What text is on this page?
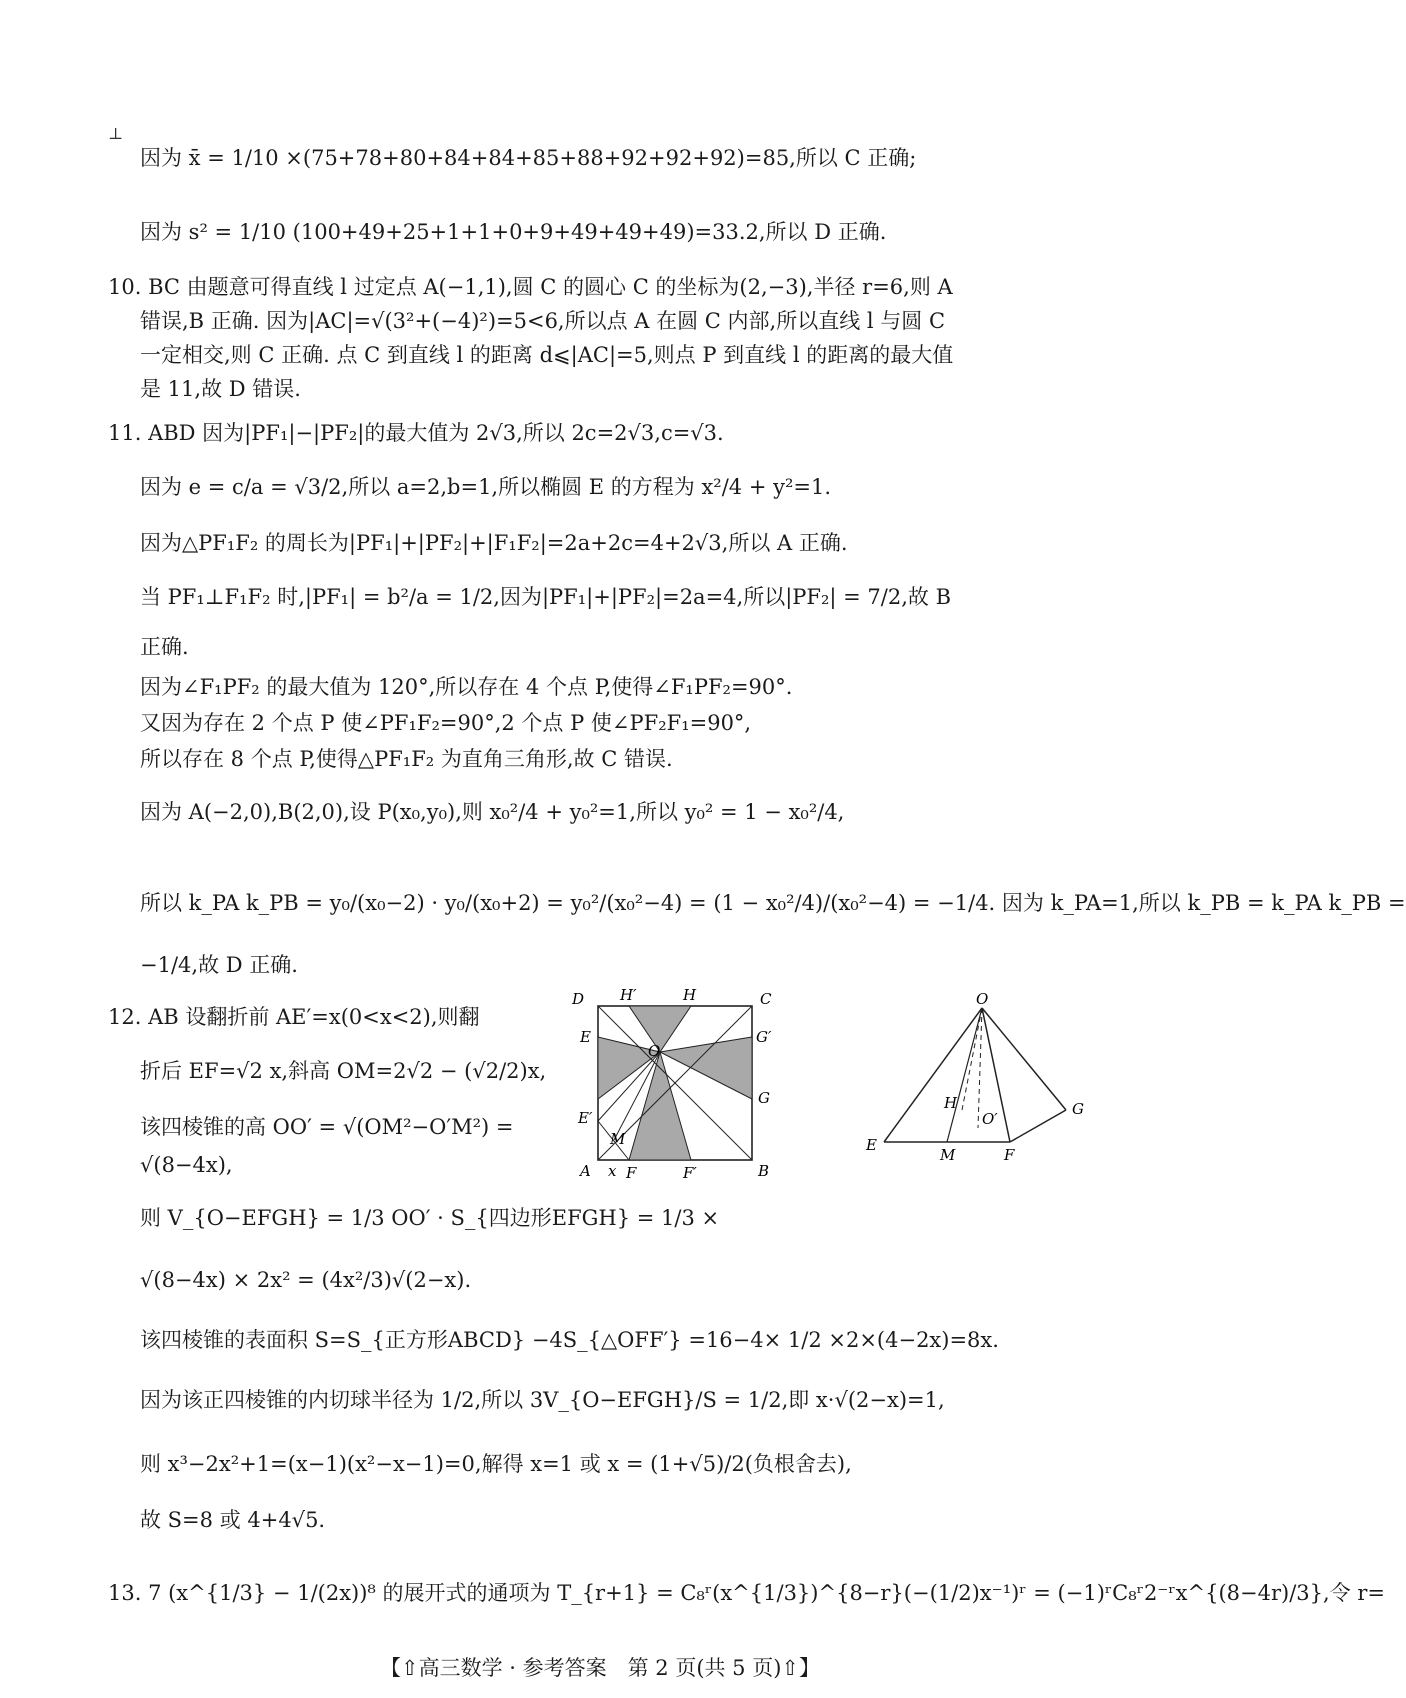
⊥
因为 x̄ = 1/10 ×(75+78+80+84+84+85+88+92+92+92)=85,所以 C 正确;
因为 s² = 1/10 (100+49+25+1+1+0+9+49+49+49)=33.2,所以 D 正确.
10. BC 由题意可得直线 l 过定点 A(−1,1),圆 C 的圆心 C 的坐标为(2,−3),半径 r=6,则 A
错误,B 正确. 因为|AC|=√(3²+(−4)²)=5<6,所以点 A 在圆 C 内部,所以直线 l 与圆 C
一定相交,则 C 正确. 点 C 到直线 l 的距离 d⩽|AC|=5,则点 P 到直线 l 的距离的最大值
是 11,故 D 错误.
11. ABD 因为|PF₁|−|PF₂|的最大值为 2√3,所以 2c=2√3,c=√3.
因为 e = c/a = √3/2,所以 a=2,b=1,所以椭圆 E 的方程为 x²/4 + y²=1.
因为△PF₁F₂ 的周长为|PF₁|+|PF₂|+|F₁F₂|=2a+2c=4+2√3,所以 A 正确.
当 PF₁⊥F₁F₂ 时,|PF₁| = b²/a = 1/2,因为|PF₁|+|PF₂|=2a=4,所以|PF₂| = 7/2,故 B
正确.
因为∠F₁PF₂ 的最大值为 120°,所以存在 4 个点 P,使得∠F₁PF₂=90°.
又因为存在 2 个点 P 使∠PF₁F₂=90°,2 个点 P 使∠PF₂F₁=90°,
所以存在 8 个点 P,使得△PF₁F₂ 为直角三角形,故 C 错误.
因为 A(−2,0),B(2,0),设 P(x₀,y₀),则 x₀²/4 + y₀²=1,所以 y₀² = 1 − x₀²/4,
所以 k_PA k_PB = y₀/(x₀−2) · y₀/(x₀+2) = y₀²/(x₀²−4) = (1 − x₀²/4)/(x₀²−4) = −1/4. 因为 k_PA=1,所以 k_PB = k_PA k_PB =
−1/4,故 D 正确.
12. AB 设翻折前 AE′=x(0<x<2),则翻
折后 EF=√2 x,斜高 OM=2√2 − (√2/2)x,
该四棱锥的高 OO′ = √(OM²−O′M²) =
√(8−4x),
则 V_{O−EFGH} = 1/3 OO′ · S_{四边形EFGH} = 1/3 ×
√(8−4x) × 2x² = (4x²/3)√(2−x).
该四棱锥的表面积 S=S_{正方形ABCD} −4S_{△OFF′} =16−4× 1/2 ×2×(4−2x)=8x.
因为该正四棱锥的内切球半径为 1/2,所以 3V_{O−EFGH}/S = 1/2,即 x·√(2−x)=1,
则 x³−2x²+1=(x−1)(x²−x−1)=0,解得 x=1 或 x = (1+√5)/2(负根舍去),
故 S=8 或 4+4√5.
13. 7 (x^{1/3} − 1/(2x))⁸ 的展开式的通项为 T_{r+1} = C₈ʳ(x^{1/3})^{8−r}(−(1/2)x⁻¹)ʳ = (−1)ʳC₈ʳ2⁻ʳx^{(8−4r)/3},令 r=
D H′	H	C
E	G′
O
E′
G
M
A x F	F′	B
O
H
O′
G
E
M	F
【⇧高三数学 · 参考答案　第 2 页(共 5 页)⇧】
